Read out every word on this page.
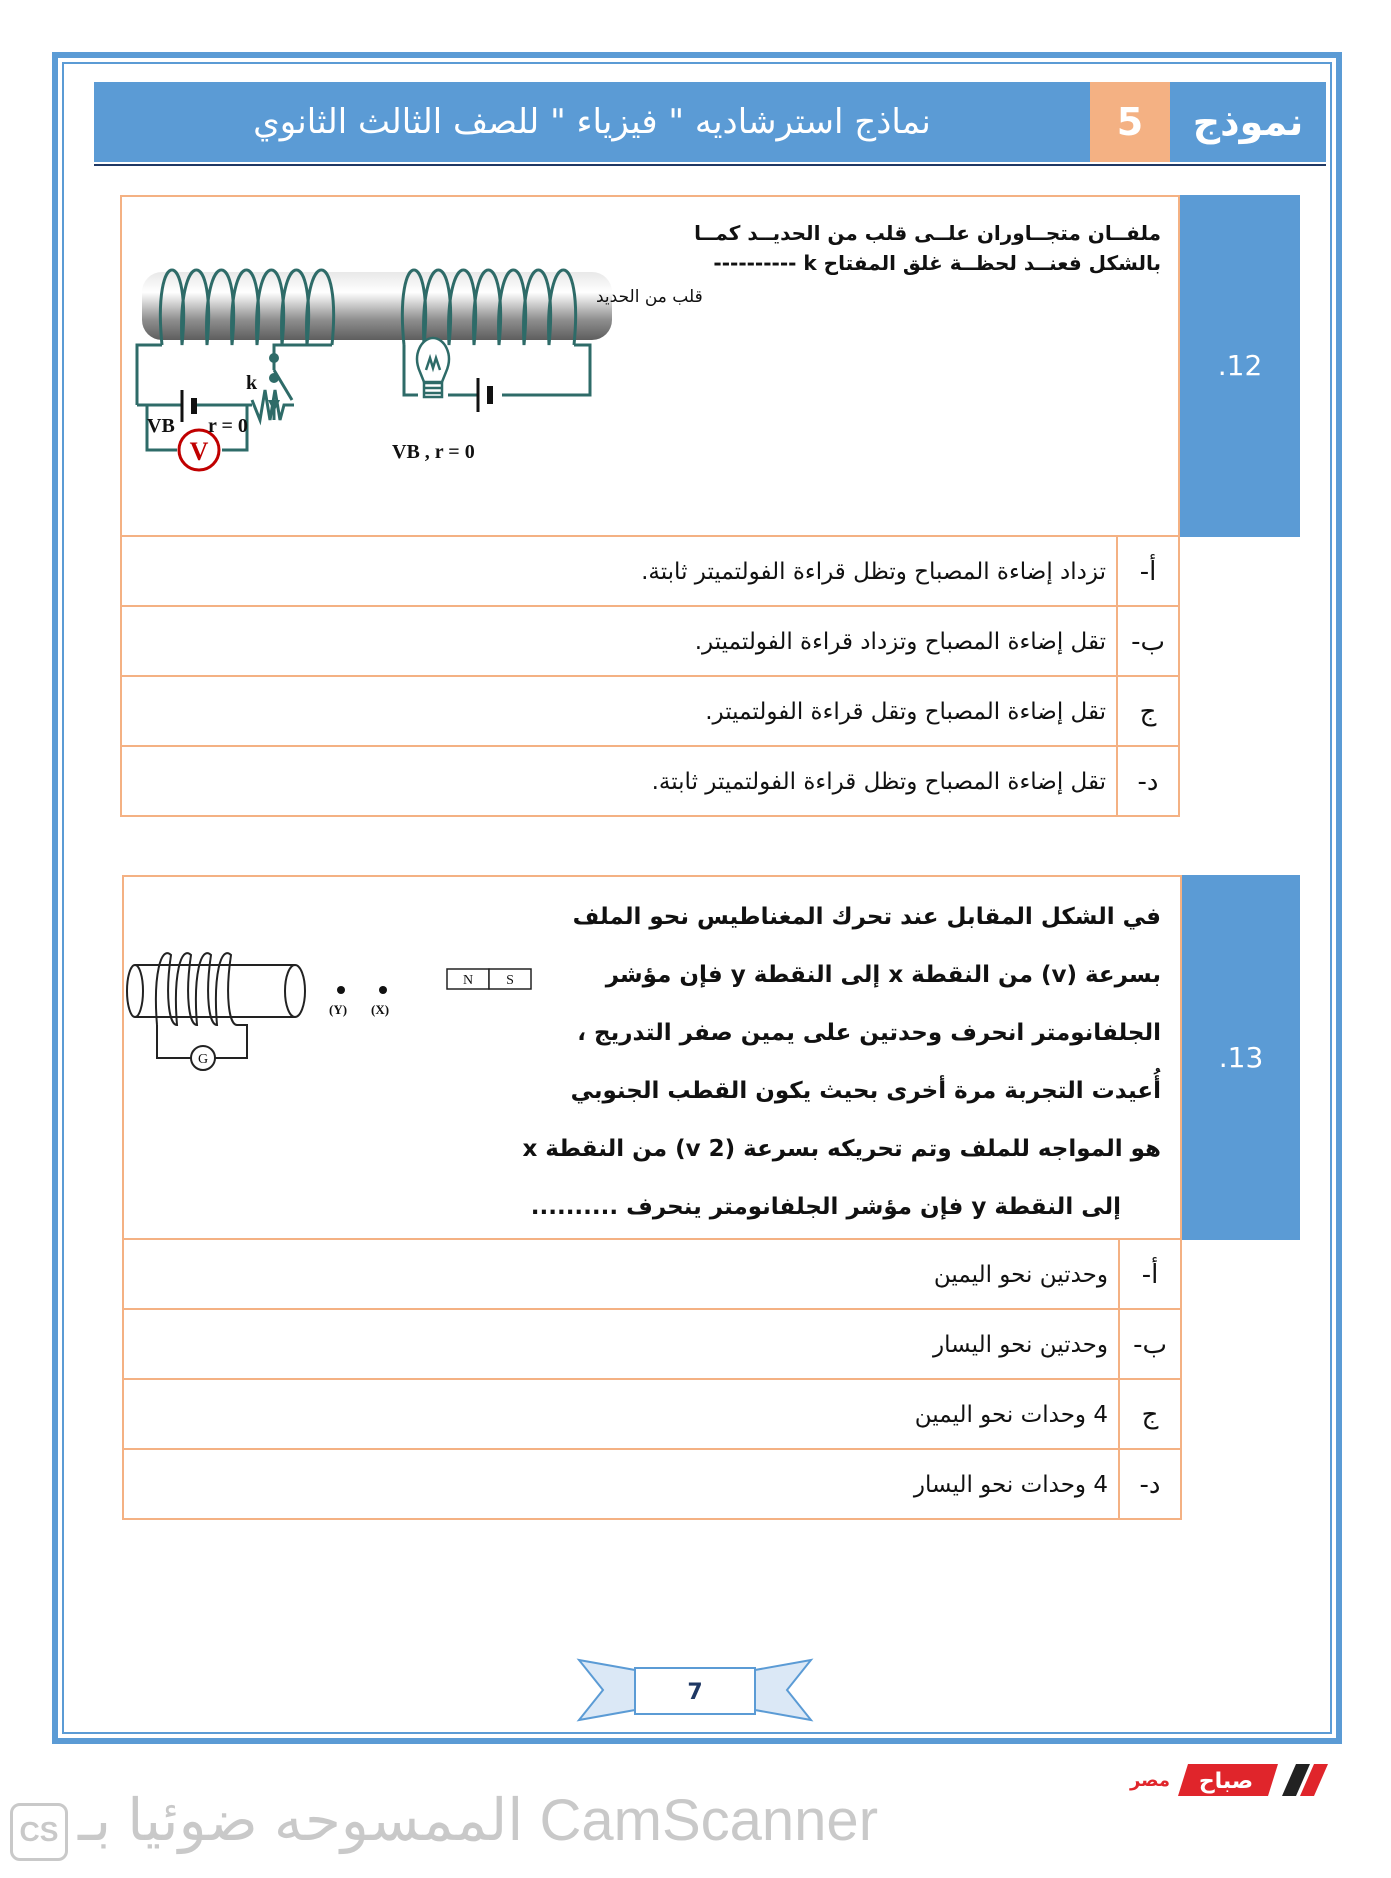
نماذج استرشاديه " فيزياء " للصف الثالث الثانوي	5	نموذج
.12
ملفــان متجــاوران علــى قلب من الحديــد كمــا
بالشكل فعنــد لحظــة غلق المفتاح k ----------
V
k
VB r = 0
VB , r = 0
قلب من الحديد
أ-
تزداد إضاءة المصباح وتظل قراءة الفولتميتر ثابتة.
ب-
تقل إضاءة المصباح وتزداد قراءة الفولتميتر.
ج
تقل إضاءة المصباح وتقل قراءة الفولتميتر.
د-
تقل إضاءة المصباح وتظل قراءة الفولتميتر ثابتة.
.13
في الشكل المقابل عند تحرك المغناطيس نحو الملف
بسرعة (v) من النقطة x إلى النقطة y فإن مؤشر
الجلفانومتر انحرف وحدتين على يمين صفر التدريج ،
أُعيدت التجربة مرة أخرى بحيث يكون القطب الجنوبي
هو المواجه للملف وتم تحريكه بسرعة (2 v) من النقطة x
إلى النقطة y فإن مؤشر الجلفانومتر ينحرف ..........
G
(Y) (X)
N S
أ-
وحدتين نحو اليمين
ب-
وحدتين نحو اليسار
ج
4 وحدات نحو اليمين
د-
4 وحدات نحو اليسار
7
صباح
مصر
CS الممسوحه ضوئيا بـ CamScanner
